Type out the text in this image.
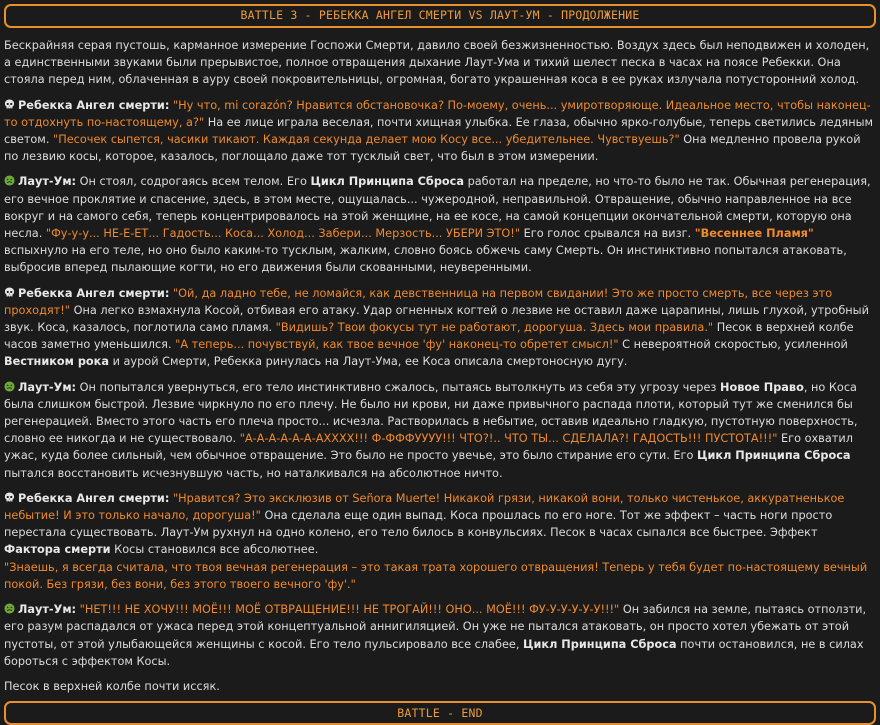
BATTLE 3 - РЕБЕККА АНГЕЛ СМЕРТИ VS ЛАУТ-УМ - ПРОДОЛЖЕНИЕ
Бескрайняя серая пустошь, карманное измерение Госпожи Смерти, давило своей безжизненностью. Воздух здесь был неподвижен и холоден, а единственными звуками были прерывистое, полное отвращения дыхание Лаут-Ума и тихий шелест песка в часах на поясе Ребекки. Она стояла перед ним, облаченная в ауру своей покровительницы, огромная, богато украшенная коса в ее руках излучала потусторонний холод.
Ребекка Ангел смерти: "Ну что, mi corazón? Нравится обстановочка? По-моему, очень... умиротворяюще. Идеальное место, чтобы наконец-то отдохнуть по-настоящему, а?" На ее лице играла веселая, почти хищная улыбка. Ее глаза, обычно ярко-голубые, теперь светились ледяным светом. "Песочек сыпется, часики тикают. Каждая секунда делает мою Косу все... убедительнее. Чувствуешь?" Она медленно провела рукой по лезвию косы, которое, казалось, поглощало даже тот тусклый свет, что был в этом измерении.
Лаут-Ум: Он стоял, содрогаясь всем телом. Его Цикл Принципа Сброса работал на пределе, но что-то было не так. Обычная регенерация, его вечное проклятие и спасение, здесь, в этом месте, ощущалась... чужеродной, неправильной. Отвращение, обычно направленное на все вокруг и на самого себя, теперь концентрировалось на этой женщине, на ее косе, на самой концепции окончательной смерти, которую она несла. "Фу-у-у... НЕ-Е-ЕТ... Гадость... Коса... Холод... Забери... Мерзость... УБЕРИ ЭТО!" Его голос срывался на визг. "Весеннее Пламя" вспыхнуло на его теле, но оно было каким-то тусклым, жалким, словно боясь обжечь саму Смерть. Он инстинктивно попытался атаковать, выбросив вперед пылающие когти, но его движения были скованными, неуверенными.
Ребекка Ангел смерти: "Ой, да ладно тебе, не ломайся, как девственница на первом свидании! Это же просто смерть, все через это проходят!" Она легко взмахнула Косой, отбивая его атаку. Удар огненных когтей о лезвие не оставил даже царапины, лишь глухой, утробный звук. Коса, казалось, поглотила само пламя. "Видишь? Твои фокусы тут не работают, дорогуша. Здесь мои правила." Песок в верхней колбе часов заметно уменьшился. "А теперь... почувствуй, как твое вечное 'фу' наконец-то обретет смысл!" С невероятной скоростью, усиленной Вестником рока и аурой Смерти, Ребекка ринулась на Лаут-Ума, ее Коса описала смертоносную дугу.
Лаут-Ум: Он попытался увернуться, его тело инстинктивно сжалось, пытаясь вытолкнуть из себя эту угрозу через Новое Право, но Коса была слишком быстрой. Лезвие чиркнуло по его плечу. Не было ни крови, ни даже привычного распада плоти, который тут же сменился бы регенерацией. Вместо этого часть его плеча просто... исчезла. Растворилась в небытие, оставив идеально гладкую, пустотную поверхность, словно ее никогда и не существовало. "А-А-А-А-А-А-АХХХХ!!! Ф-ФФФУУУУ!!! ЧТО?!.. ЧТО ТЫ... СДЕЛАЛА?! ГАДОСТЬ!!! ПУСТОТА!!!" Его охватил ужас, куда более сильный, чем обычное отвращение. Это было не просто увечье, это было стирание его сути. Его Цикл Принципа Сброса пытался восстановить исчезнувшую часть, но наталкивался на абсолютное ничто.
Ребекка Ангел смерти: "Нравится? Это эксклюзив от Señora Muerte! Никакой грязи, никакой вони, только чистенькое, аккуратненькое небытие! И это только начало, дорогуша!" Она сделала еще один выпад. Коса прошлась по его ноге. Тот же эффект – часть ноги просто перестала существовать. Лаут-Ум рухнул на одно колено, его тело билось в конвульсиях. Песок в часах сыпался все быстрее. Эффект Фактора смерти Косы становился все абсолютнее.
"Знаешь, я всегда считала, что твоя вечная регенерация – это такая трата хорошего отвращения! Теперь у тебя будет по-настоящему вечный покой. Без грязи, без вони, без этого твоего вечного 'фу'."
Лаут-Ум: "НЕТ!!! НЕ ХОЧУ!!! МОЁ!!! МОЁ ОТВРАЩЕНИЕ!!! НЕ ТРОГАЙ!!! ОНО... МОЁ!!! ФУ-У-У-У-У-У!!!" Он забился на земле, пытаясь отползти, его разум распадался от ужаса перед этой концептуальной аннигиляцией. Он уже не пытался атаковать, он просто хотел убежать от этой пустоты, от этой улыбающейся женщины с косой. Его тело пульсировало все слабее, Цикл Принципа Сброса почти остановился, не в силах бороться с эффектом Косы.
Песок в верхней колбе почти иссяк.
BATTLE - END
